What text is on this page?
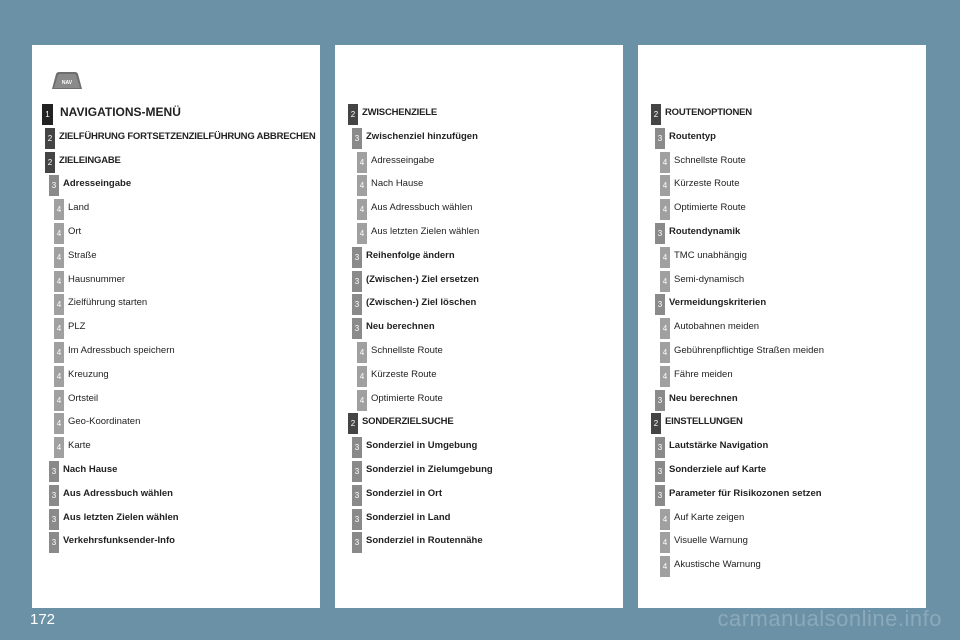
NAV
1 NAVIGATIONS-MENÜ
2 ZIELFÜHRUNG FORTSETZENZIELFÜHRUNG ABBRECHEN
2 ZIELEINGABE
3 Adresseingabe
4 Land
4 Ort
4 Straße
4 Hausnummer
4 Zielführung starten
4 PLZ
4 Im Adressbuch speichern
4 Kreuzung
4 Ortsteil
4 Geo-Koordinaten
4 Karte
3 Nach Hause
3 Aus Adressbuch wählen
3 Aus letzten Zielen wählen
3 Verkehrsfunksender-Info
2 ZWISCHENZIELE
3 Zwischenziel hinzufügen
4 Adresseingabe
4 Nach Hause
4 Aus Adressbuch wählen
4 Aus letzten Zielen wählen
3 Reihenfolge ändern
3 (Zwischen-) Ziel ersetzen
3 (Zwischen-) Ziel löschen
3 Neu berechnen
4 Schnellste Route
4 Kürzeste Route
4 Optimierte Route
2 SONDERZIELSUCHE
3 Sonderziel in Umgebung
3 Sonderziel in Zielumgebung
3 Sonderziel in Ort
3 Sonderziel in Land
3 Sonderziel in Routennähe
2 ROUTENOPTIONEN
3 Routentyp
4 Schnellste Route
4 Kürzeste Route
4 Optimierte Route
3 Routendynamik
4 TMC unabhängig
4 Semi-dynamisch
3 Vermeidungskriterien
4 Autobahnen meiden
4 Gebührenpflichtige Straßen meiden
4 Fähre meiden
3 Neu berechnen
2 EINSTELLUNGEN
3 Lautstärke Navigation
3 Sonderziele auf Karte
3 Parameter für Risikozonen setzen
4 Auf Karte zeigen
4 Visuelle Warnung
4 Akustische Warnung
172	carmanualsonline.info
